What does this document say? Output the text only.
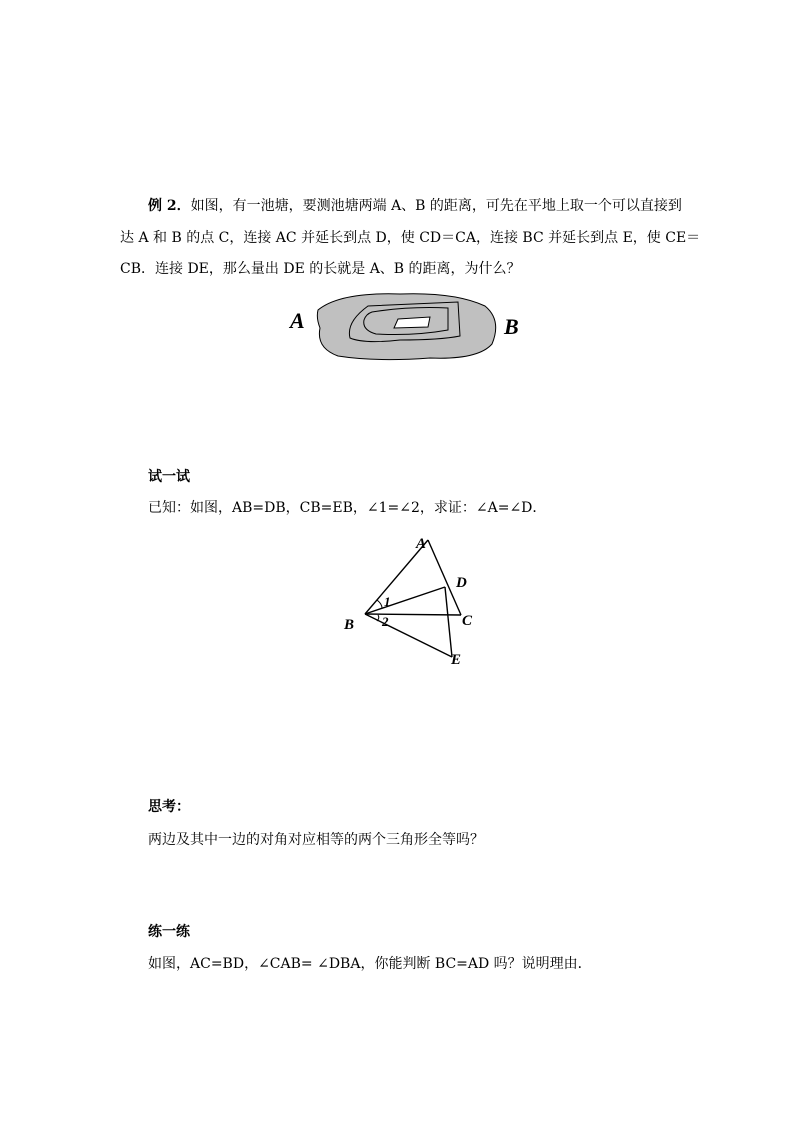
例 2．如图，有一池塘，要测池塘两端 A、B 的距离，可先在平地上取一个可以直接到
达 A 和 B 的点 C，连接 AC 并延长到点 D，使 CD＝CA，连接 BC 并延长到点 E，使 CE＝
CB．连接 DE，那么量出 DE 的长就是 A、B 的距离，为什么？
A	B
试一试
已知：如图，AB=DB，CB=EB，∠1=∠2，求证：∠A=∠D．
A
D
C
B
E
1
2
思考：
两边及其中一边的对角对应相等的两个三角形全等吗？
练一练
如图，AC=BD，∠CAB= ∠DBA，你能判断 BC=AD 吗？说明理由．
